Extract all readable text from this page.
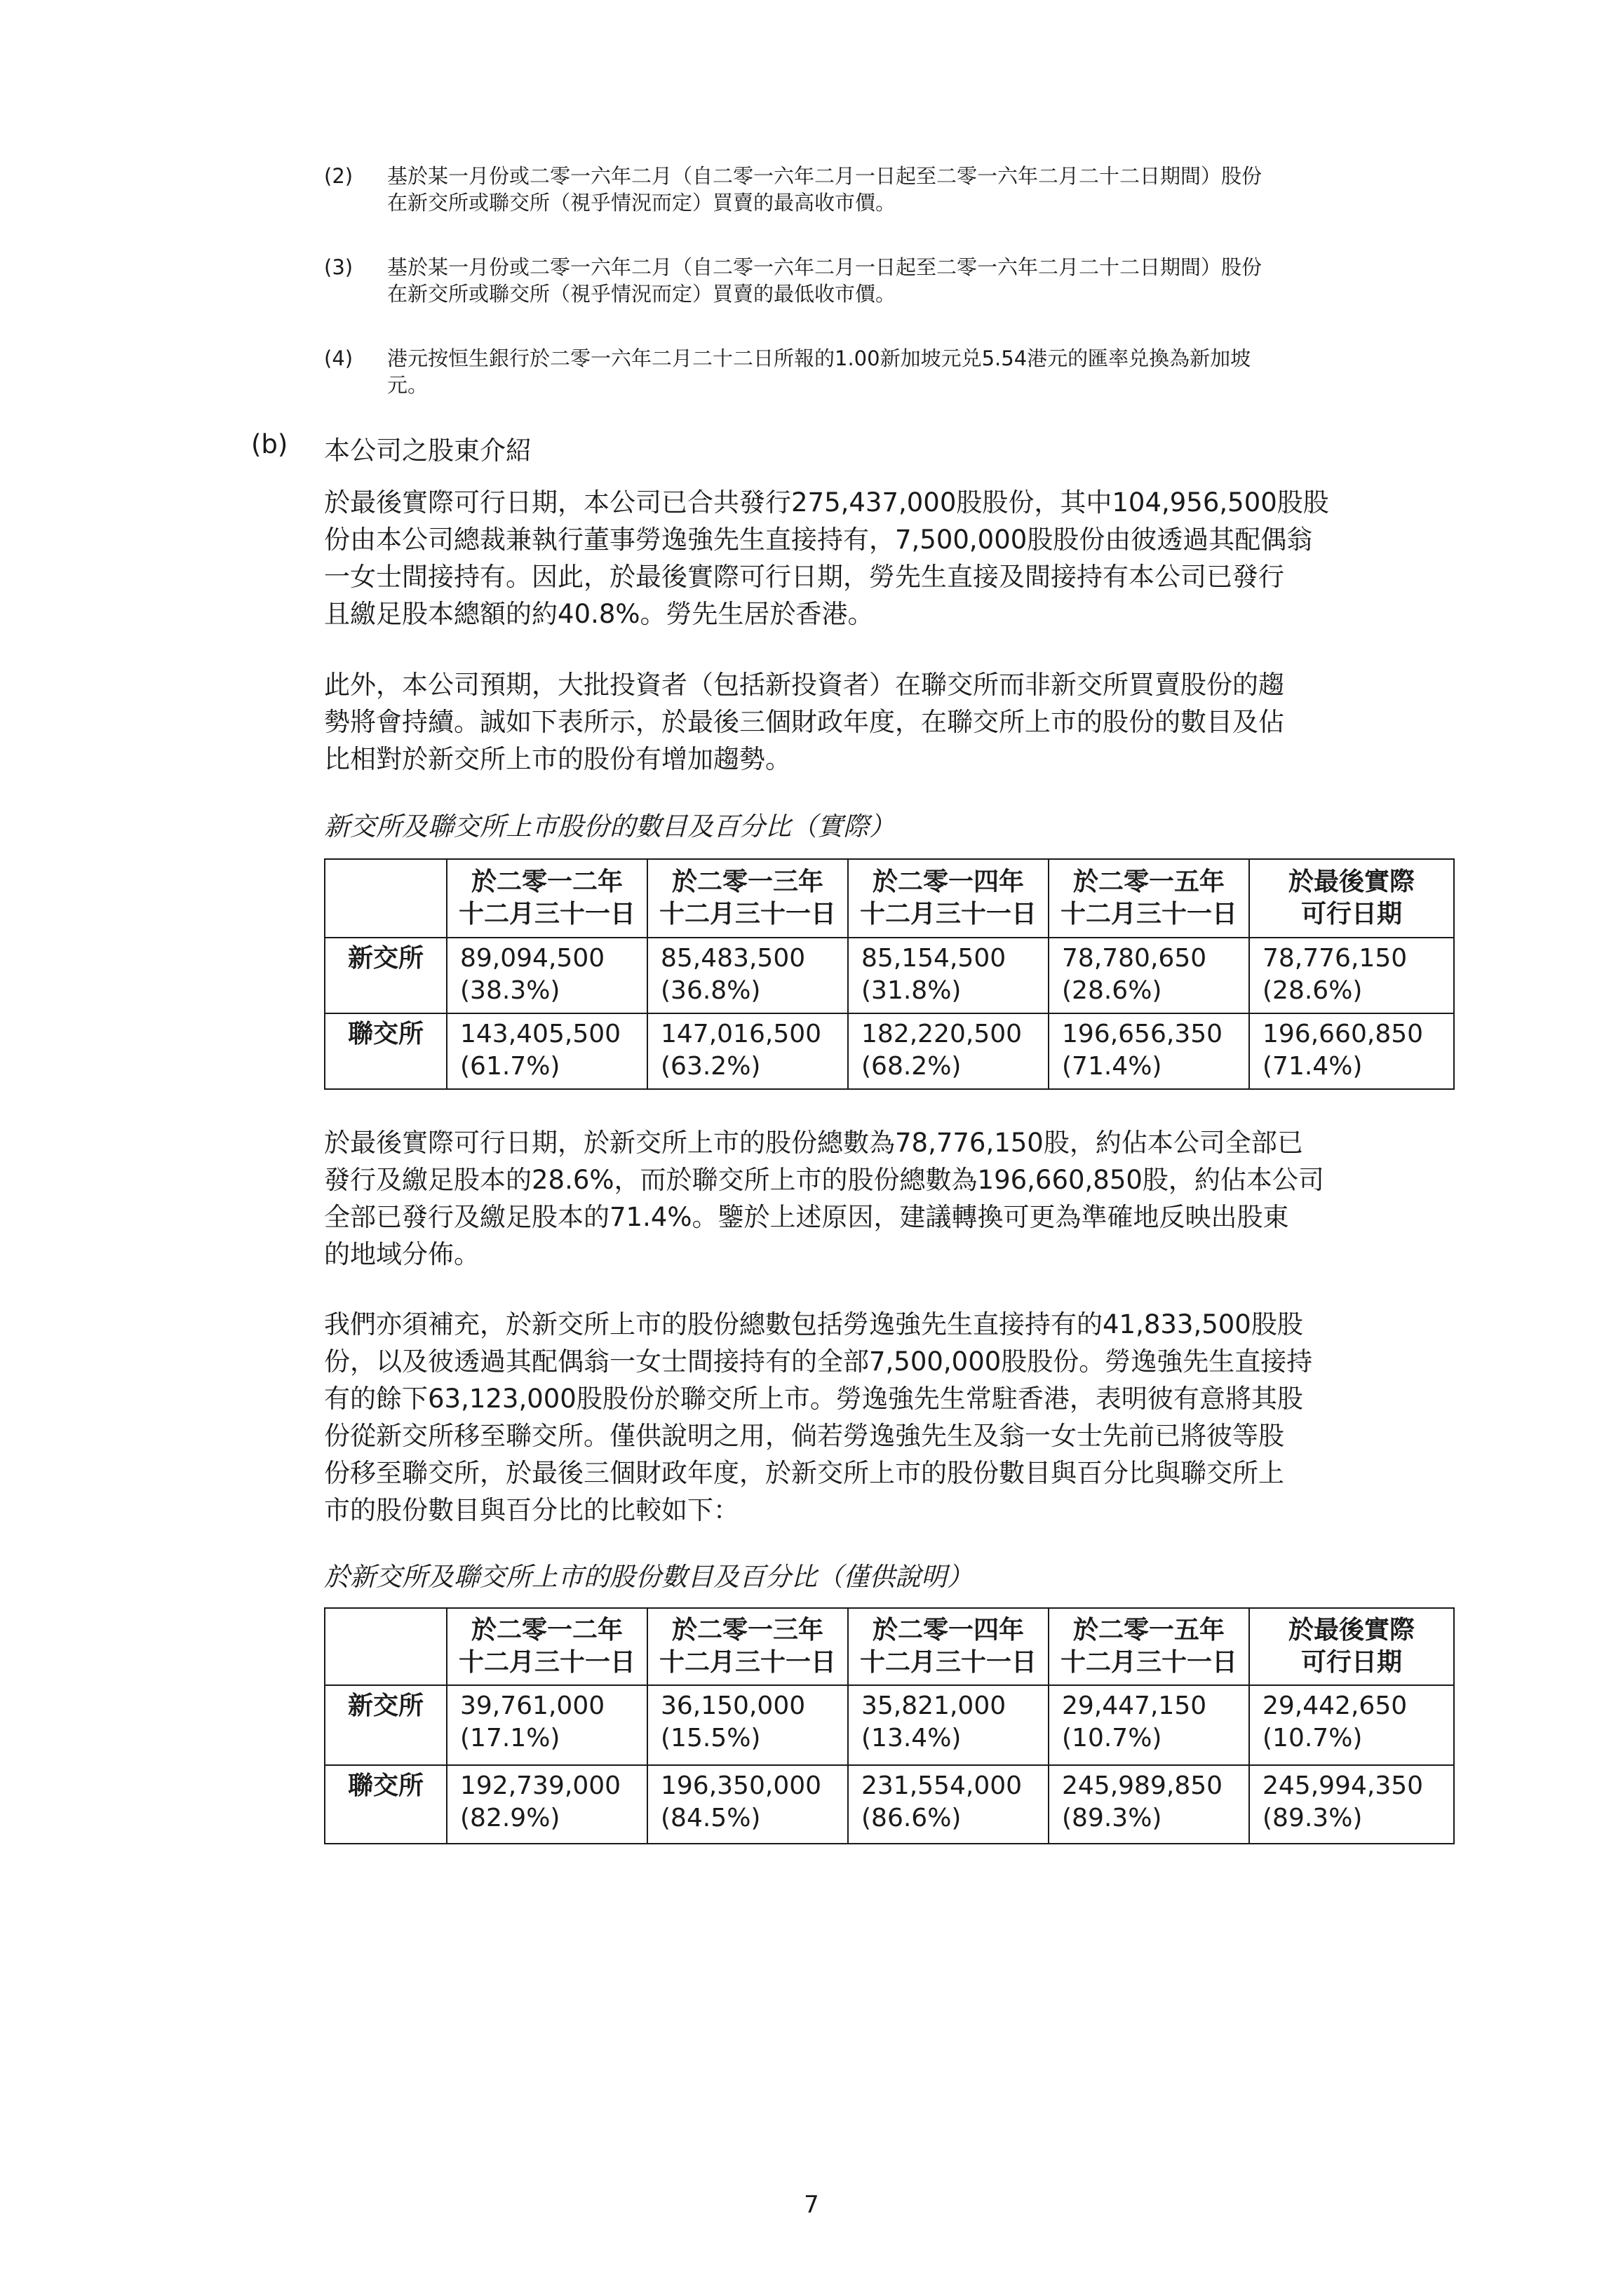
(2) 基於某一月份或二零一六年二月（自二零一六年二月一日起至二零一六年二月二十二日期間）股份
在新交所或聯交所（視乎情況而定）買賣的最高收市價。
(3) 基於某一月份或二零一六年二月（自二零一六年二月一日起至二零一六年二月二十二日期間）股份
在新交所或聯交所（視乎情況而定）買賣的最低收市價。
(4) 港元按恒生銀行於二零一六年二月二十二日所報的1.00新加坡元兑5.54港元的匯率兑換為新加坡
元。
(b) 本公司之股東介紹
於最後實際可行日期，本公司已合共發行275,437,000股股份，其中104,956,500股股
份由本公司總裁兼執行董事勞逸強先生直接持有，7,500,000股股份由彼透過其配偶翁
一女士間接持有。因此，於最後實際可行日期，勞先生直接及間接持有本公司已發行
且繳足股本總額的約40.8%。勞先生居於香港。
此外，本公司預期，大批投資者（包括新投資者）在聯交所而非新交所買賣股份的趨
勢將會持續。誠如下表所示，於最後三個財政年度，在聯交所上市的股份的數目及佔
比相對於新交所上市的股份有增加趨勢。
新交所及聯交所上市股份的數目及百分比（實際）

	於二零一二年
十二月三十一日	於二零一三年
十二月三十一日	於二零一四年
十二月三十一日	於二零一五年
十二月三十一日	於最後實際
可行日期

新交所	89,094,500
(38.3%)	85,483,500
(36.8%)	85,154,500
(31.8%)	78,780,650
(28.6%)	78,776,150
(28.6%)

聯交所	143,405,500
(61.7%)	147,016,500
(63.2%)	182,220,500
(68.2%)	196,656,350
(71.4%)	196,660,850
(71.4%)
於最後實際可行日期，於新交所上市的股份總數為78,776,150股，約佔本公司全部已
發行及繳足股本的28.6%，而於聯交所上市的股份總數為196,660,850股，約佔本公司
全部已發行及繳足股本的71.4%。鑒於上述原因，建議轉換可更為準確地反映出股東
的地域分佈。
我們亦須補充，於新交所上市的股份總數包括勞逸強先生直接持有的41,833,500股股
份，以及彼透過其配偶翁一女士間接持有的全部7,500,000股股份。勞逸強先生直接持
有的餘下63,123,000股股份於聯交所上市。勞逸強先生常駐香港，表明彼有意將其股
份從新交所移至聯交所。僅供說明之用，倘若勞逸強先生及翁一女士先前已將彼等股
份移至聯交所，於最後三個財政年度，於新交所上市的股份數目與百分比與聯交所上
市的股份數目與百分比的比較如下：
於新交所及聯交所上市的股份數目及百分比（僅供說明）

	於二零一二年
十二月三十一日	於二零一三年
十二月三十一日	於二零一四年
十二月三十一日	於二零一五年
十二月三十一日	於最後實際
可行日期

新交所	39,761,000
(17.1%)	36,150,000
(15.5%)	35,821,000
(13.4%)	29,447,150
(10.7%)	29,442,650
(10.7%)

聯交所	192,739,000
(82.9%)	196,350,000
(84.5%)	231,554,000
(86.6%)	245,989,850
(89.3%)	245,994,350
(89.3%)
7
